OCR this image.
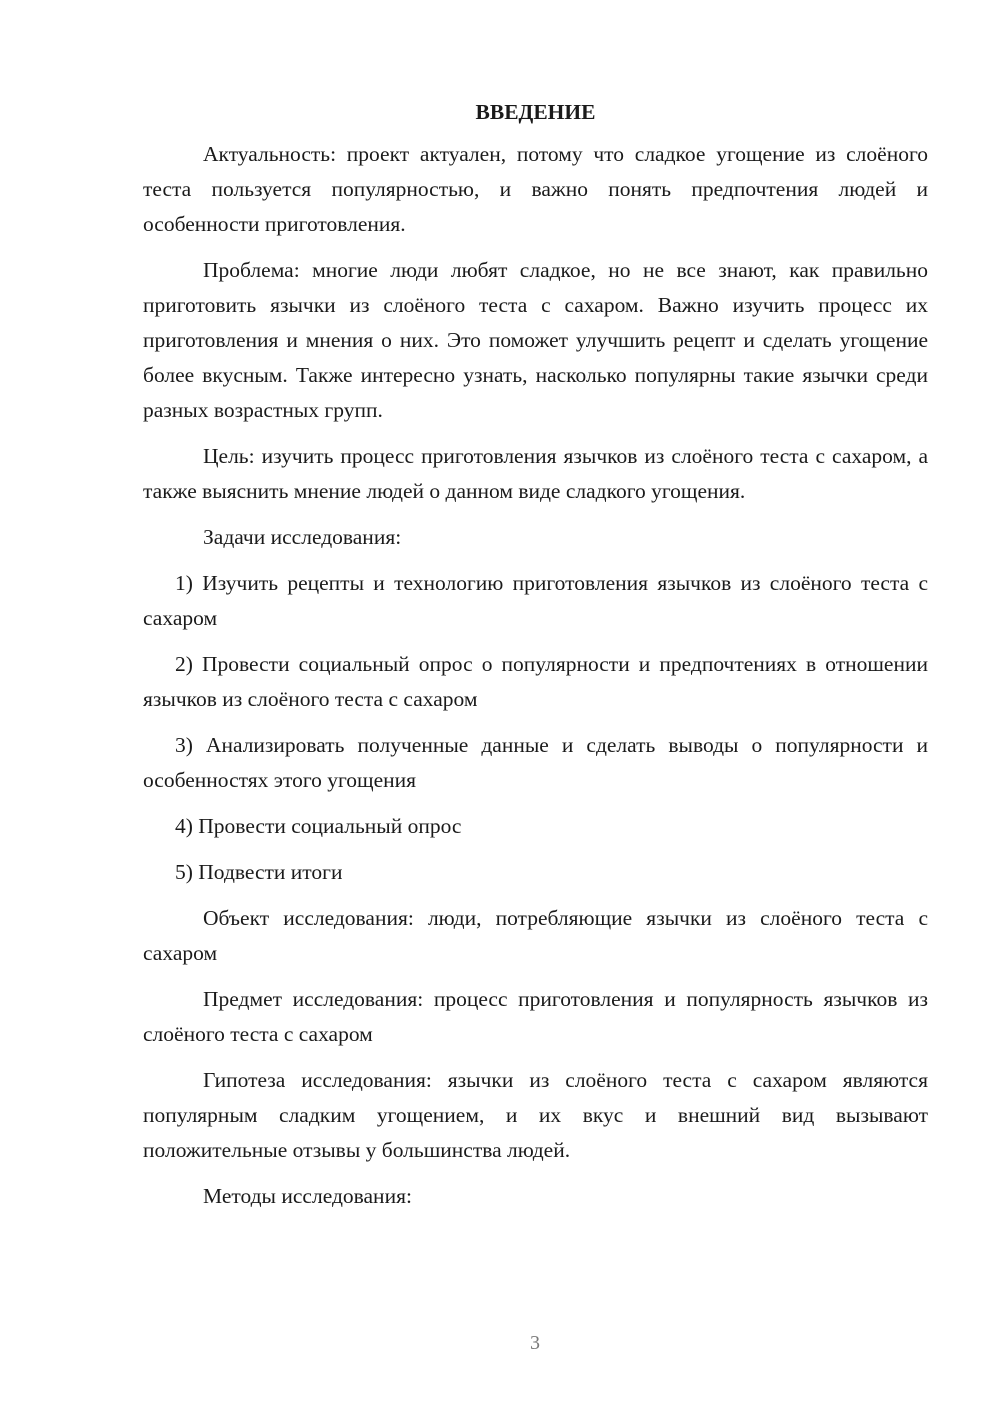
ВВЕДЕНИЕ
Актуальность: проект актуален, потому что сладкое угощение из слоёного теста пользуется популярностью, и важно понять предпочтения людей и особенности приготовления.
Проблема: многие люди любят сладкое, но не все знают, как правильно приготовить язычки из слоёного теста с сахаром. Важно изучить процесс их приготовления и мнения о них. Это поможет улучшить рецепт и сделать угощение более вкусным. Также интересно узнать, насколько популярны такие язычки среди разных возрастных групп.
Цель: изучить процесс приготовления язычков из слоёного теста с сахаром, а также выяснить мнение людей о данном виде сладкого угощения.
Задачи исследования:
1) Изучить рецепты и технологию приготовления язычков из слоёного теста с сахаром
2) Провести социальный опрос о популярности и предпочтениях в отношении язычков из слоёного теста с сахаром
3) Анализировать полученные данные и сделать выводы о популярности и особенностях этого угощения
4) Провести социальный опрос
5) Подвести итоги
Объект исследования: люди, потребляющие язычки из слоёного теста с сахаром
Предмет исследования: процесс приготовления и популярность язычков из слоёного теста с сахаром
Гипотеза исследования: язычки из слоёного теста с сахаром являются популярным сладким угощением, и их вкус и внешний вид вызывают положительные отзывы у большинства людей.
Методы исследования:
3
